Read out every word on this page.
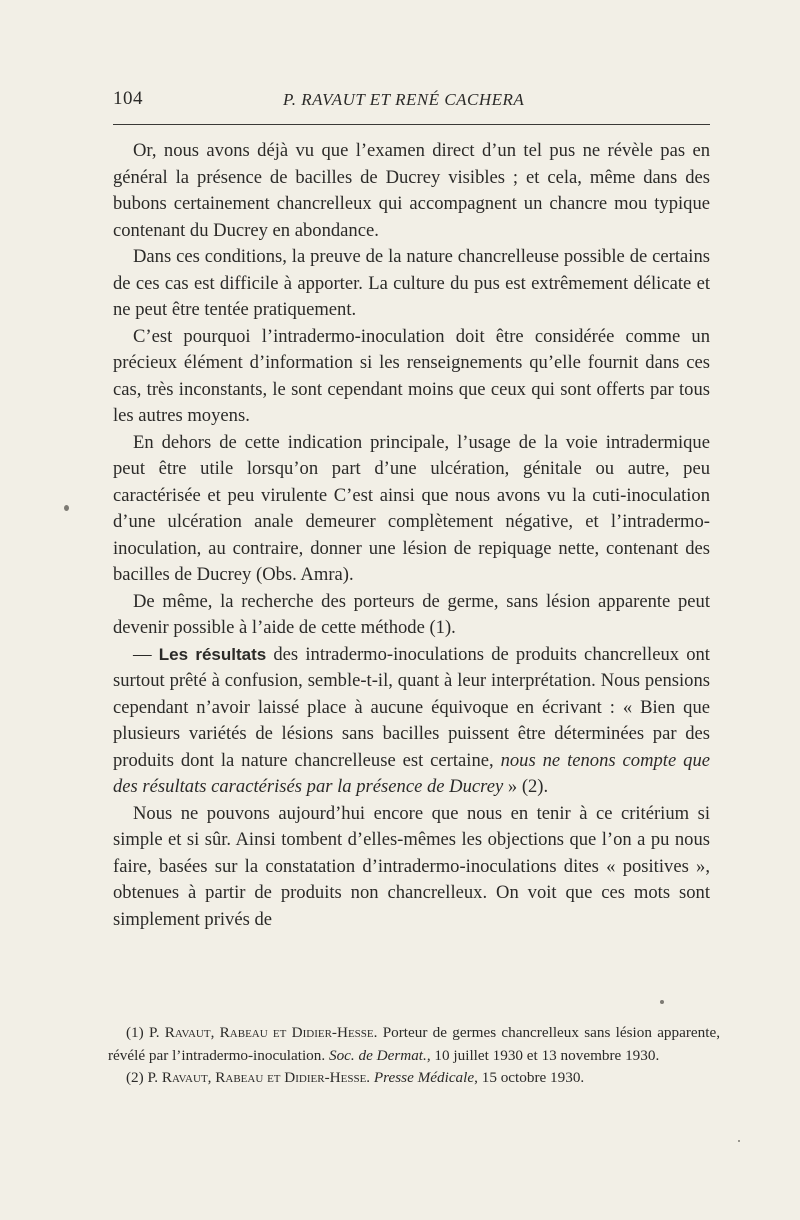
104	P. RAVAUT ET RENÉ CACHERA

Or, nous avons déjà vu que l’examen direct d’un tel pus ne révèle pas en général la présence de bacilles de Ducrey visibles ; et cela, même dans des bubons certainement chancrelleux qui accompagnent un chancre mou typique contenant du Ducrey en abondance.

Dans ces conditions, la preuve de la nature chancrelleuse possible de certains de ces cas est difficile à apporter. La culture du pus est extrêmement délicate et ne peut être tentée pratiquement.

C’est pourquoi l’intradermo-inoculation doit être considérée comme un précieux élément d’information si les renseignements qu’elle fournit dans ces cas, très inconstants, le sont cependant moins que ceux qui sont offerts par tous les autres moyens.

En dehors de cette indication principale, l’usage de la voie intradermique peut être utile lorsqu’on part d’une ulcération, génitale ou autre, peu caractérisée et peu virulente C’est ainsi que nous avons vu la cuti-inoculation d’une ulcération anale demeurer complètement négative, et l’intradermo-inoculation, au contraire, donner une lésion de repiquage nette, contenant des bacilles de Ducrey (Obs. Amra).

De même, la recherche des porteurs de germe, sans lésion apparente peut devenir possible à l’aide de cette méthode (1).

— Les résultats des intradermo-inoculations de produits chancrelleux ont surtout prêté à confusion, semble-t-il, quant à leur interprétation. Nous pensions cependant n’avoir laissé place à aucune équivoque en écrivant : « Bien que plusieurs variétés de lésions sans bacilles puissent être déterminées par des produits dont la nature chancrelleuse est certaine, nous ne tenons compte que des résultats caractérisés par la présence de Ducrey » (2).

Nous ne pouvons aujourd’hui encore que nous en tenir à ce critérium si simple et si sûr. Ainsi tombent d’elles-mêmes les objections que l’on a pu nous faire, basées sur la constatation d’intradermo-inoculations dites « positives », obtenues à partir de produits non chancrelleux. On voit que ces mots sont simplement privés de

(1) P. Ravaut, Rabeau et Didier-Hesse. Porteur de germes chancrelleux sans lésion apparente, révélé par l’intradermo-inoculation. Soc. de Dermat., 10 juillet 1930 et 13 novembre 1930.

(2) P. Ravaut, Rabeau et Didier-Hesse. Presse Médicale, 15 octobre 1930.
